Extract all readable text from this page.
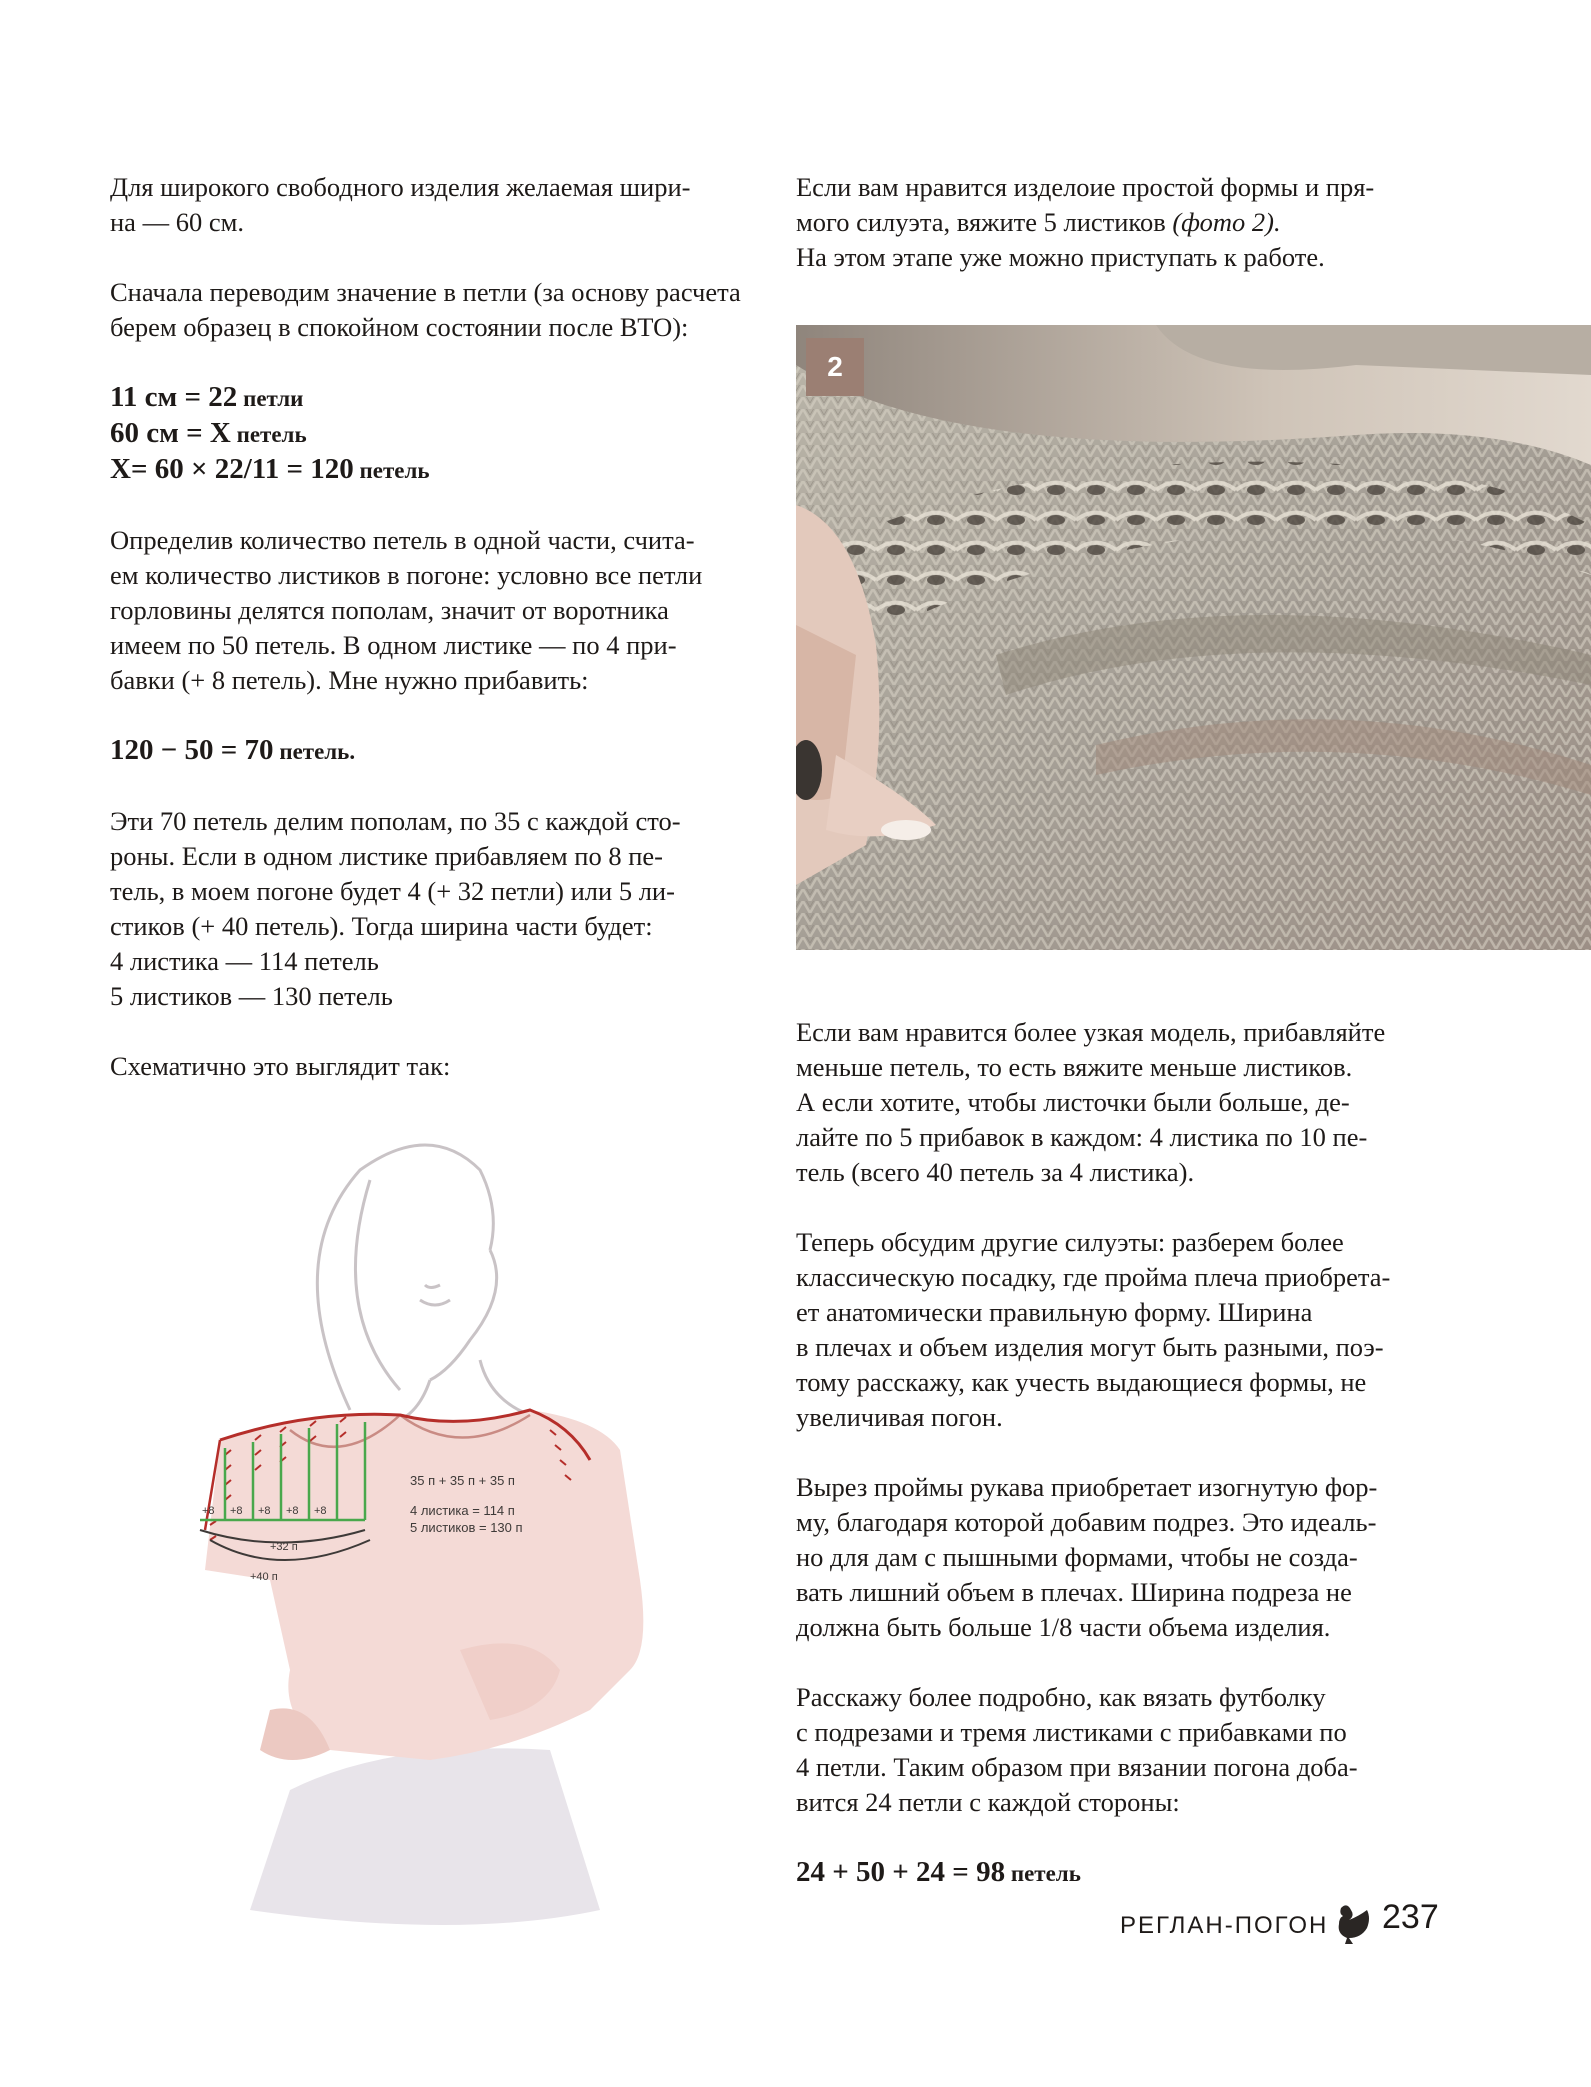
Для широкого свободного изделия желаемая шири-
на — 60 см.

Сначала переводим значение в петли (за основу расчета
берем образец в спокойном состоянии после ВТО):

11 см = 22 петли
60 см = X петель
X= 60 × 22/11 = 120 петель

Определив количество петель в одной части, счита-
ем количество листиков в погоне: условно все петли
горловины делятся пополам, значит от воротника
имеем по 50 петель. В одном листике — по 4 при-
бавки (+ 8 петель). Мне нужно прибавить:

120 − 50 = 70 петель.

Эти 70 петель делим пополам, по 35 с каждой сто-
роны. Если в одном листике прибавляем по 8 пе-
тель, в моем погоне будет 4 (+ 32 петли) или 5 ли-
стиков (+ 40 петель). Тогда ширина части будет:
4 листика — 114 петель
5 листиков — 130 петель

Схематично это выглядит так:

Если вам нравится изделоие простой формы и пря-
мого силуэта, вяжите 5 листиков (фото 2).
На этом этапе уже можно приступать к работе.

2

Если вам нравится более узкая модель, прибавляйте
меньше петель, то есть вяжите меньше листиков.
А если хотите, чтобы листочки были больше, де-
лайте по 5 прибавок в каждом: 4 листика по 10 пе-
тель (всего 40 петель за 4 листика).

Теперь обсудим другие силуэты: разберем более
классическую посадку, где пройма плеча приобрета-
ет анатомически правильную форму. Ширина
в плечах и объем изделия могут быть разными, поэ-
тому расскажу, как учесть выдающиеся формы, не
увеличивая погон.

Вырез проймы рукава приобретает изогнутую фор-
му, благодаря которой добавим подрез. Это идеаль-
но для дам с пышными формами, чтобы не созда-
вать лишний объем в плечах. Ширина подреза не
должна быть больше 1/8 части объема изделия.

Расскажу более подробно, как вязать футболку
с подрезами и тремя листиками с прибавками по
4 петли. Таким образом при вязании погона доба-
вится 24 петли с каждой стороны:

24 + 50 + 24 = 98 петель

+8 +8 +8 +8 +8
+32 п
+40 п
35 п + 35 п + 35 п
4 листика = 114 п
5 листиков = 130 п
РЕГЛАН-ПОГОН 237
